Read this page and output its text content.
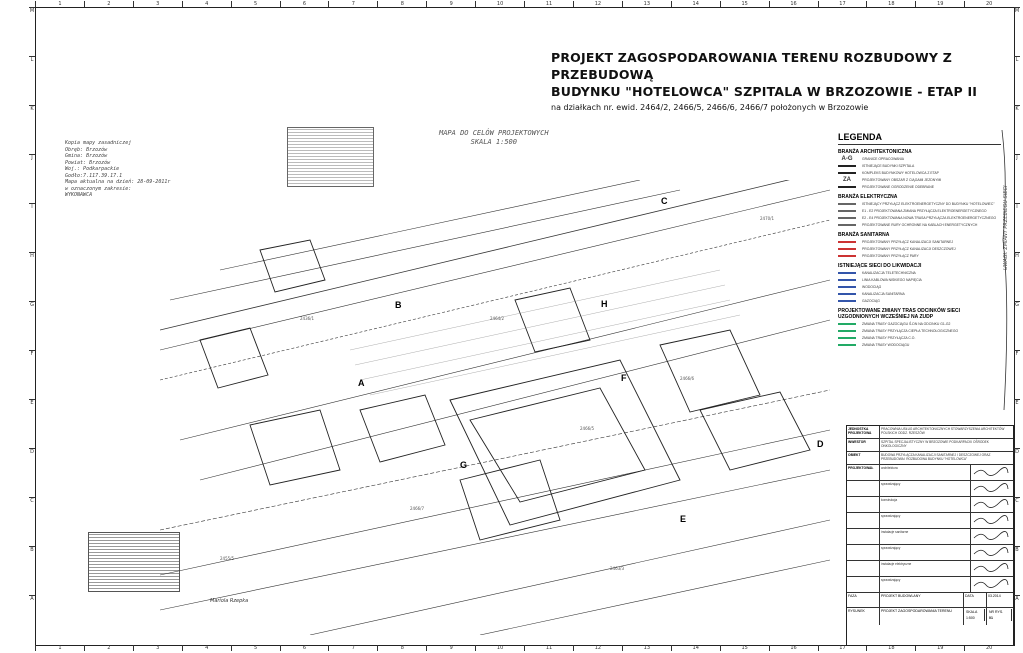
1	2	3	4	5	6	7	8	9	10	11	12	13	14	15	16	17	18	19	20
1	2	3	4	5	6	7	8	9	10	11	12	13	14	15	16	17	18	19	20
M
L
K
J
I
H
G
F
E
D
C
B
A
M
L
K
J
I
H
G
F
E
D
C
B
A
PROJEKT ZAGOSPODAROWANIA TERENU ROZBUDOWY Z PRZEBUDOWĄ
BUDYNKU "HOTELOWCA" SZPITALA W BRZOZOWIE - ETAP II
na działkach nr. ewid. 2464/2, 2466/5, 2466/6, 2466/7 położonych w Brzozowie
MAPA DO CELÓW PROJEKTOWYCH
SKALA 1:500
Kopia mapy zasadniczej
Obręb: Brzozów
Gmina: Brzozów
Powiat: Brzozów
Woj.: Podkarpackie
Godło:7.117.39.17.1
Mapa aktualna na dzień: 28-09-2011r
w oznaczonym zakresie:
WYKONAWCA
Mariola Rzepka
2436/1	2464/2
2466/5
2466/6
2466/7
2470/1
2455/5
2463/3
A
B
C
D
E
F
G
H
LEGENDA
BRANŻA ARCHITEKTONICZNA
A-G	GRANICE OPRACOWANIA
ISTNIEJĄCE BUDYNKI SZPITALA
KOMPLEKS BUDYNKOWY HOTELOWCA Z ETAP
ZA	PROJEKTOWANY OBSZAR Z CIĄGAMI JEZDNYMI
PROJEKTOWANE OGRODZENIE ODEBRANE
BRANŻA ELEKTRYCZNA
ISTNIEJĄCY PRZYŁĄCZ ELEKTROENERGETYCZNY DO BUDYNKU "HOTELOWIEC"
E1 - E2 PROJEKTOWANA ZMIANA PRZYŁĄCZA ELEKTROENERGETYCZNEGO
E2 - E4 PROJEKTOWANA NOWA TRASA PRZYŁĄCZA ELEKTROENERGETYCZNEGO
PROJEKTOWANE RURY OCHRONNE NA KABLACH ENERGETYCZNYCH
BRANŻA SANITARNA
PROJEKTOWANY PRZYŁĄCZ KANALIZACJI SANITARNEJ
PROJEKTOWANY PRZYŁĄCZ KANALIZACJI DESZCZOWEJ
PROJEKTOWANY PRZYŁĄCZ PARY
ISTNIEJĄCE SIECI DO LIKWIDACJI
KANALIZACJA TELETECHNICZNA
LINIA KABLOWA NISKIEGO NAPIĘCIA
WODOCIĄG
KANALIZACJA SANITARNA
GAZOCIĄG
PROJEKTOWANE ZMIANY TRAS ODCINKÓW SIECI UZGODNIONYCH WCZEŚNIEJ NA ZUDP
ZMIANA TRASY GAZOCIĄGU Ś-DN NA ODCINKU G1-G2
ZMIANA TRASY PRZYŁĄCZA CIEPŁA TECHNOLOGICZNEGO
ZMIANA TRASY PRZYŁĄCZA C.O.
ZMIANA TRASY WODOCIĄGU
UWAGI: ZMIANY PRZEBIEGU SIECI
JEDNOSTKA PROJEKTOWA
PRACOWNIA USŁUG ARCHITEKTONICZNYCH STOWARZYSZENIA ARCHITEKTÓW POLSKICH ODDZ. RZESZÓW
INWESTOR	SZPITAL SPECJALISTYCZNY W BRZOZOWIE PODKARPACKI OŚRODEK ONKOLOGICZNY
OBIEKT	BUDOWA PRZYŁĄCZA KANALIZACJI SANITARNEJ I DESZCZOWEJ ORAZ PRZEBUDOWA I ROZBUDOWA BUDYNKU "HOTELOWCA"
PROJEKTOWAŁ	architektura
sprawdzający
konstrukcja
sprawdzający
instalacje sanitarne
sprawdzający
instalacje elektryczne
sprawdzający
FAZA	PROJEKT BUDOWLANY	DATA	03.2014
RYSUNEK	PROJEKT ZAGOSPODAROWANIA TERENU	SKALA
1:500
NR RYS.
01
